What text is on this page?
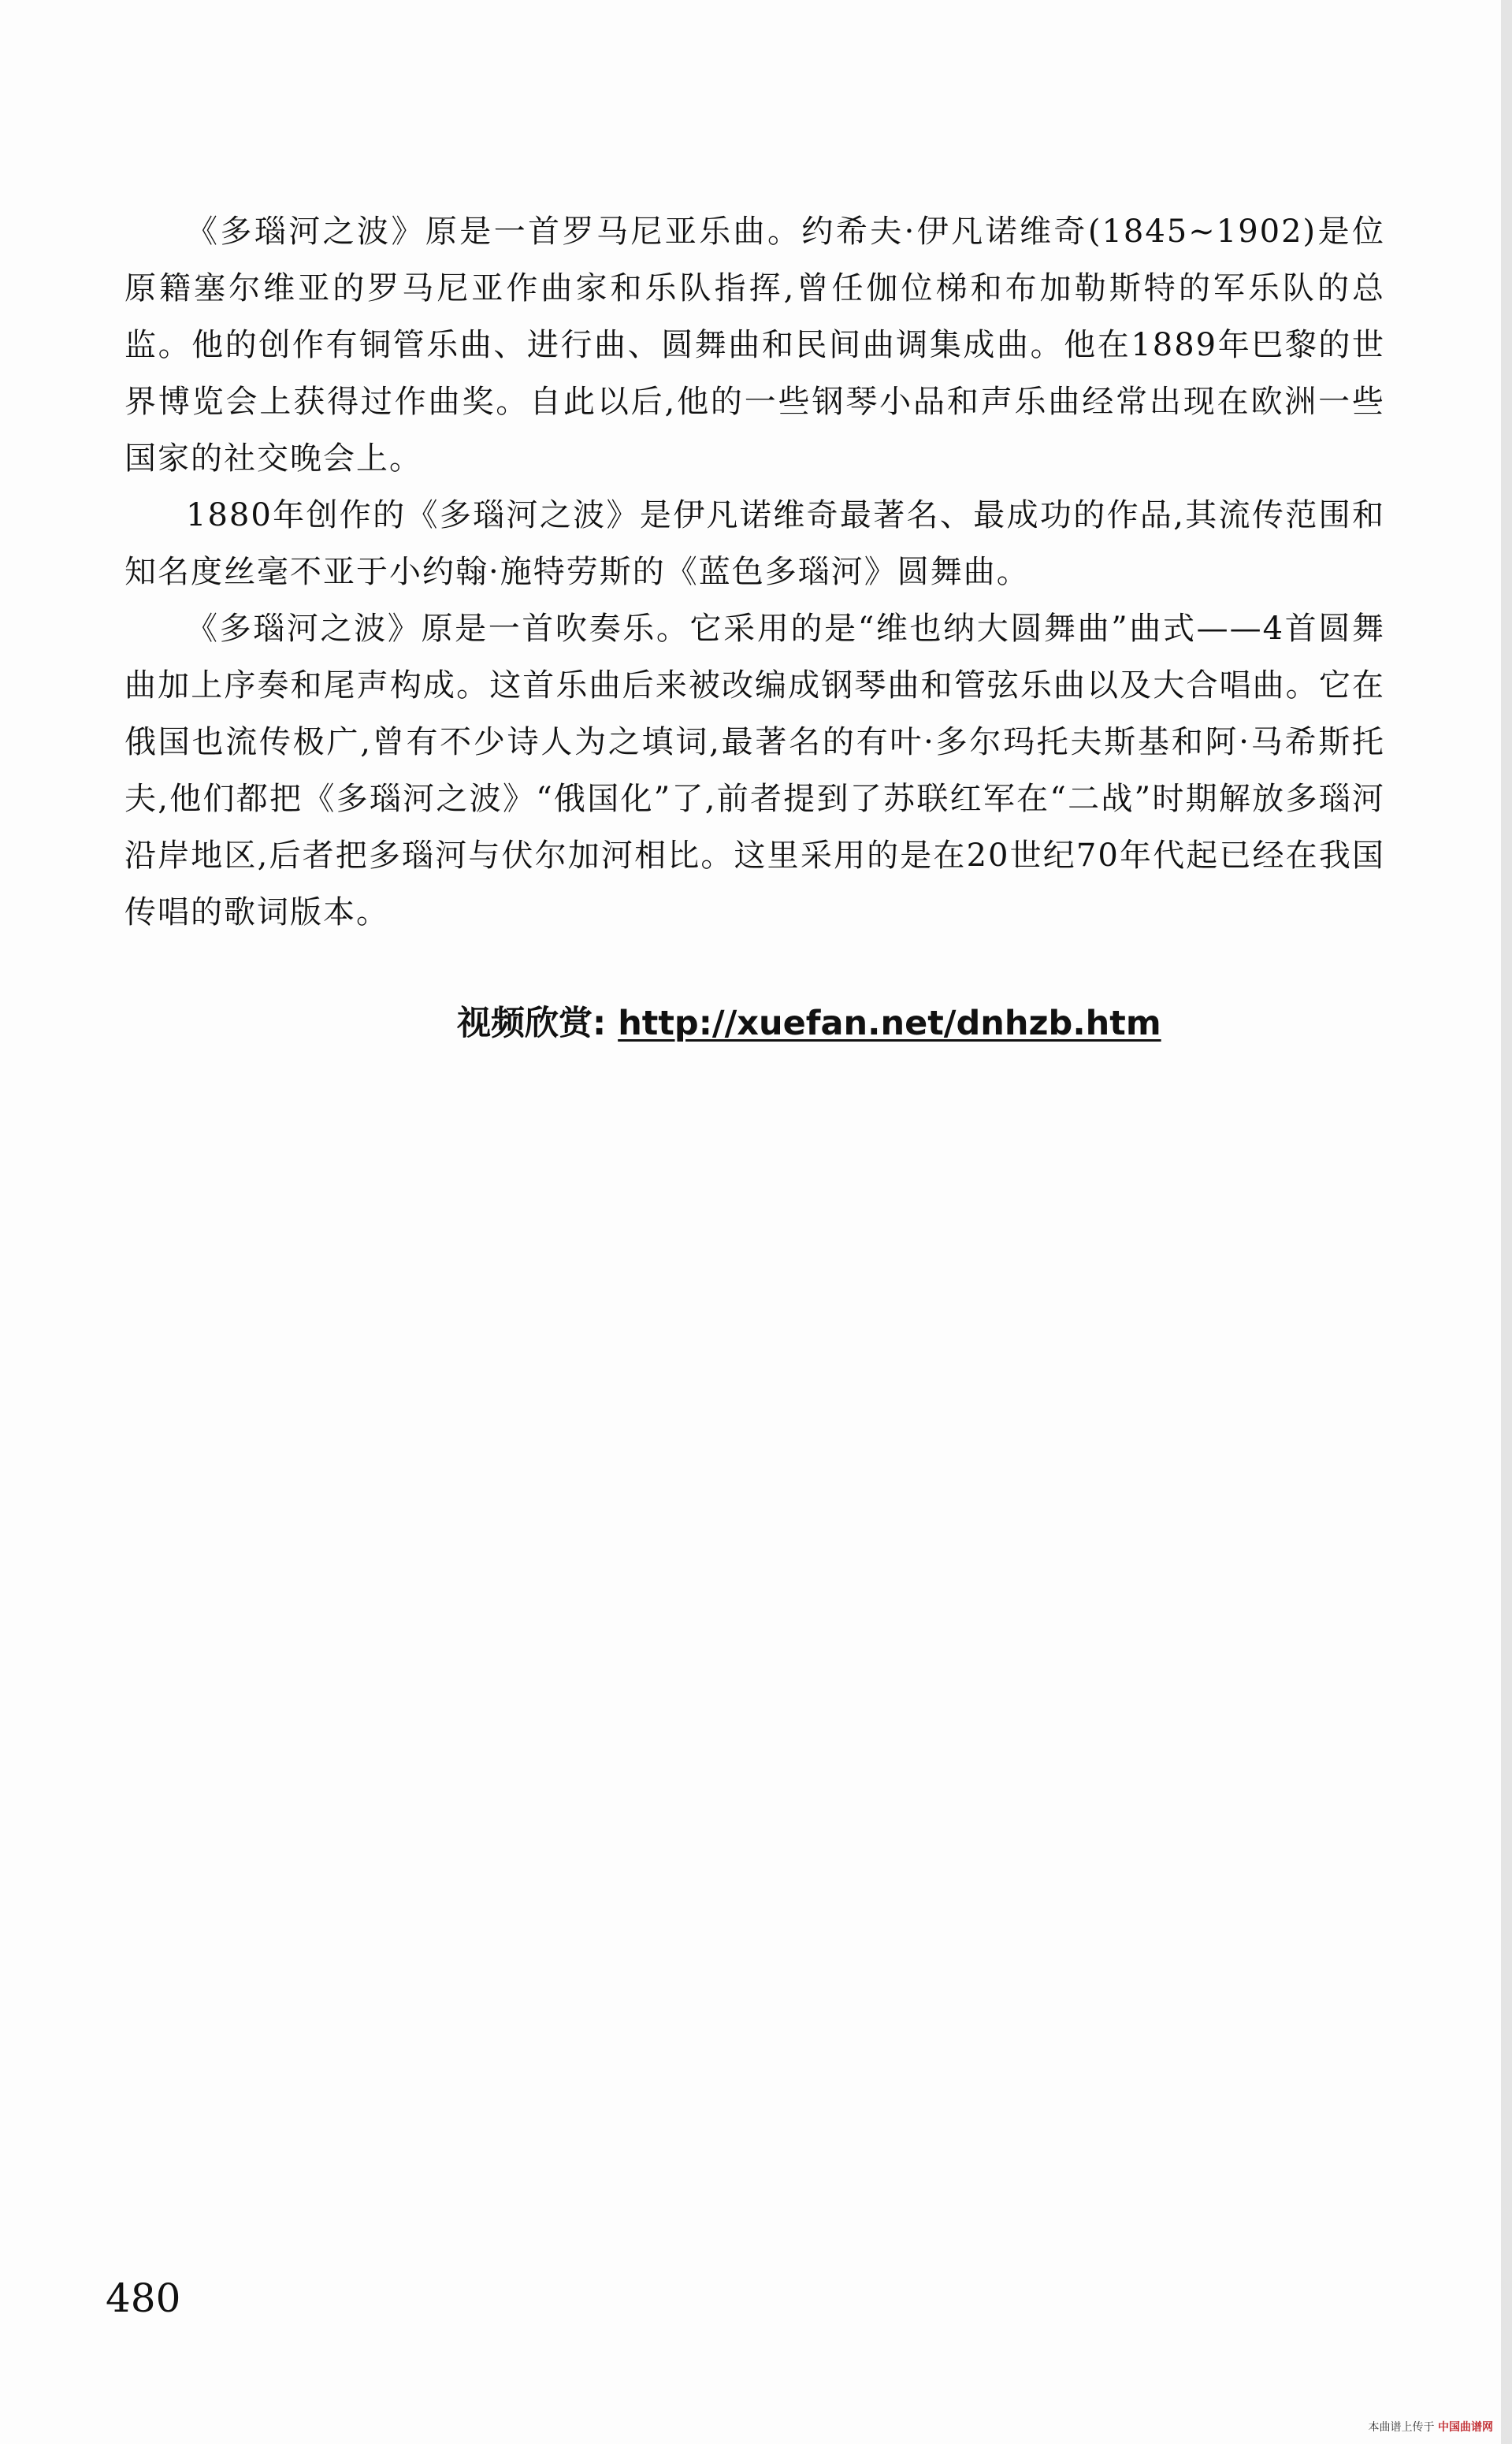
《多瑙河之波》原是一首罗马尼亚乐曲。约希夫·伊凡诺维奇(1845~1902)是位原籍塞尔维亚的罗马尼亚作曲家和乐队指挥,曾任伽位梯和布加勒斯特的军乐队的总监。他的创作有铜管乐曲、进行曲、圆舞曲和民间曲调集成曲。他在1889年巴黎的世界博览会上获得过作曲奖。自此以后,他的一些钢琴小品和声乐曲经常出现在欧洲一些国家的社交晚会上。

1880年创作的《多瑙河之波》是伊凡诺维奇最著名、最成功的作品,其流传范围和知名度丝毫不亚于小约翰·施特劳斯的《蓝色多瑙河》圆舞曲。

《多瑙河之波》原是一首吹奏乐。它采用的是“维也纳大圆舞曲”曲式——4首圆舞曲加上序奏和尾声构成。这首乐曲后来被改编成钢琴曲和管弦乐曲以及大合唱曲。它在俄国也流传极广,曾有不少诗人为之填词,最著名的有叶·多尔玛托夫斯基和阿·马希斯托夫,他们都把《多瑙河之波》“俄国化”了,前者提到了苏联红军在“二战”时期解放多瑙河沿岸地区,后者把多瑙河与伏尔加河相比。这里采用的是在20世纪70年代起已经在我国传唱的歌词版本。

视频欣赏: http://xuefan.net/dnhzb.htm
480
本曲谱上传于 中国曲谱网
